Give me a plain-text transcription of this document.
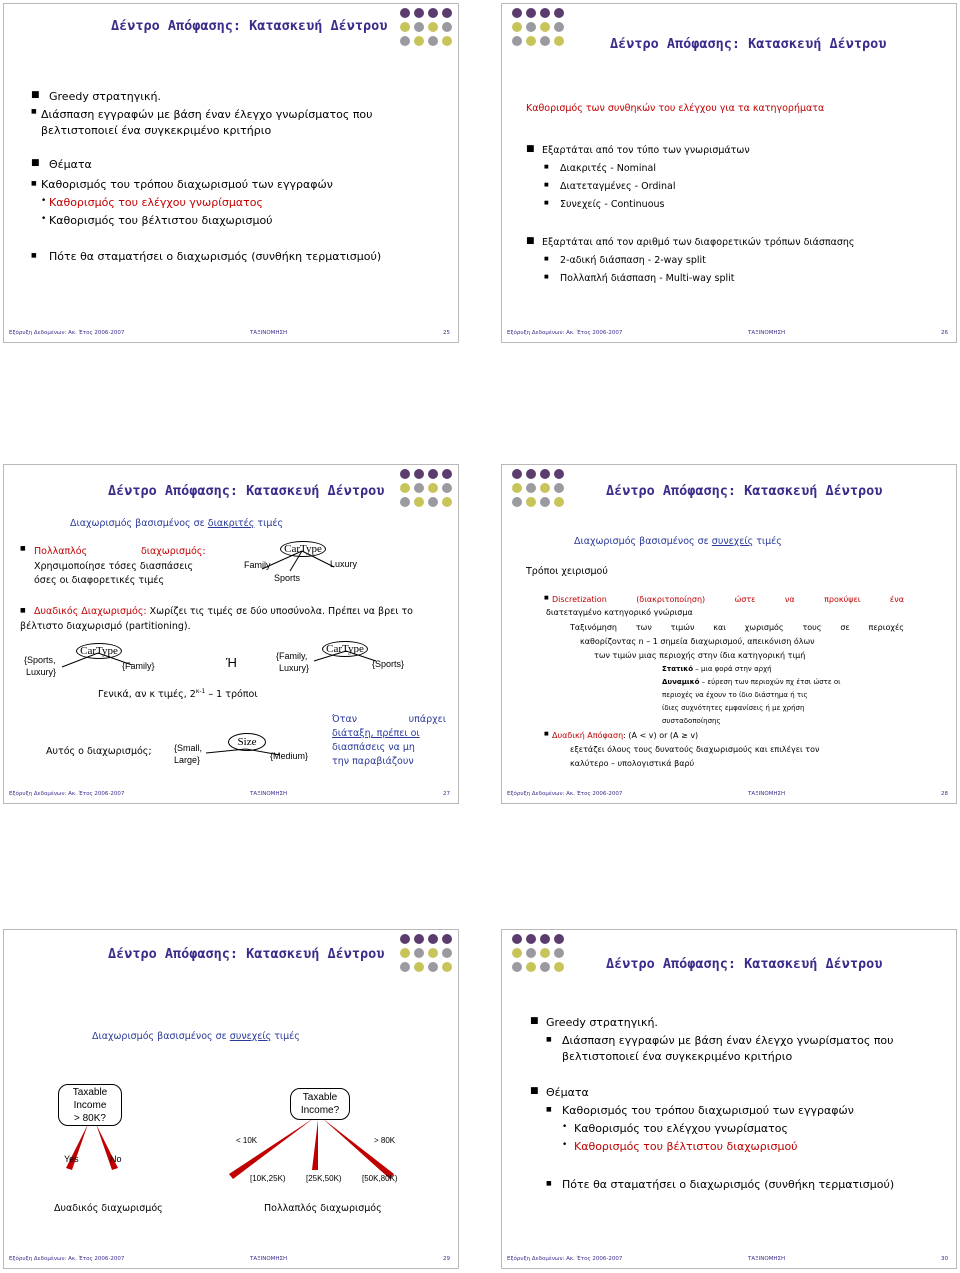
Δέντρο Απόφασης: Κατασκευή Δέντρου
■ Greedy στρατηγική.
■ Διάσπαση εγγραφών με βάση έναν έλεγχο γνωρίσματος που
βελτιστοποιεί ένα συγκεκριμένο κριτήριο
■ Θέματα
■ Καθορισμός του τρόπου διαχωρισμού των εγγραφών
• Καθορισμός του ελέγχου γνωρίσματος
• Καθορισμός του βέλτιστου διαχωρισμού
■ Πότε θα σταματήσει ο διαχωρισμός (συνθήκη τερματισμού)
Εξόρυξη Δεδομένων: Ακ. Έτος 2006-2007	ΤΑΞΙΝΟΜΗΣΗ	25
Δέντρο Απόφασης: Κατασκευή Δέντρου
Καθορισμός των συνθηκών του ελέγχου για τα κατηγορήματα
■ Εξαρτάται από τον τύπο των γνωρισμάτων
■ Διακριτές - Nominal
■ Διατεταγμένες - Ordinal
■ Συνεχείς - Continuous
■ Εξαρτάται από τον αριθμό των διαφορετικών τρόπων διάσπασης
■ 2-αδική διάσπαση - 2-way split
■ Πολλαπλή διάσπαση - Multi-way split
Εξόρυξη Δεδομένων: Ακ. Έτος 2006-2007	ΤΑΞΙΝΟΜΗΣΗ	26
Δέντρο Απόφασης: Κατασκευή Δέντρου
Διαχωρισμός βασισμένος σε διακριτές τιμές
■ Πολλαπλός	διαχωρισμός:
Χρησιμοποίησε τόσες διασπάσεις
όσες οι διαφορετικές τιμές
CarType
Family	Luxury
Sports
■ Δυαδικός Διαχωρισμός: Χωρίζει τις τιμές σε δύο υποσύνολα. Πρέπει να βρει το
βέλτιστο διαχωρισμό (partitioning).
CarType
{Sports,
Luxury}
{Family}	Ή
CarType
{Family,
Luxury}	{Sports}
Γενικά, αν κ τιμές, $2^{\kappa-1} - 1$ τρόποι
Αυτός ο διαχωρισμός;
Size
{Small,
Large}	{Medium}
Όταν υπάρχει
διάταξη, πρέπει οι
διασπάσεις να μη
την παραβιάζουν
Εξόρυξη Δεδομένων: Ακ. Έτος 2006-2007	ΤΑΞΙΝΟΜΗΣΗ	27
Δέντρο Απόφασης: Κατασκευή Δέντρου
Διαχωρισμός βασισμένος σε συνεχείς τιμές
Τρόποι χειρισμού
■ Discretization (διακριτοποίηση) ώστε να προκύψει ένα
διατεταγμένο κατηγορικό γνώρισμα
Ταξινόμηση των τιμών και χωρισμός τους σε περιοχές
καθορίζοντας n – 1 σημεία διαχωρισμού, απεικόνιση όλων
των τιμών μιας περιοχής στην ίδια κατηγορική τιμή
Στατικό – μια φορά στην αρχή
Δυναμικό – εύρεση των περιοχών πχ έτσι ώστε οι
περιοχές να έχουν το ίδιο διάστημα ή τις
ίδιες συχνότητες εμφανίσεις ή με χρήση
συσταδοποίησης
■ Δυαδική Απόφαση: (A < v) or (A ≥ v)
εξετάζει όλους τους δυνατούς διαχωρισμούς και επιλέγει τον
καλύτερο – υπολογιστικά βαρύ
Εξόρυξη Δεδομένων: Ακ. Έτος 2006-2007	ΤΑΞΙΝΟΜΗΣΗ	28
Δέντρο Απόφασης: Κατασκευή Δέντρου
Διαχωρισμός βασισμένος σε συνεχείς τιμές
Taxable
Income
> 80K?
Yes	No
Taxable
Income?
< 10K	> 80K
[10K,25K)	[25K,50K)	[50K,80K)
Δυαδικός διαχωρισμός	Πολλαπλός διαχωρισμός
Εξόρυξη Δεδομένων: Ακ. Έτος 2006-2007	ΤΑΞΙΝΟΜΗΣΗ	29
Δέντρο Απόφασης: Κατασκευή Δέντρου
■ Greedy στρατηγική.
■ Διάσπαση εγγραφών με βάση έναν έλεγχο γνωρίσματος που
βελτιστοποιεί ένα συγκεκριμένο κριτήριο
■ Θέματα
■ Καθορισμός του τρόπου διαχωρισμού των εγγραφών
• Καθορισμός του ελέγχου γνωρίσματος
• Καθορισμός του βέλτιστου διαχωρισμού
■ Πότε θα σταματήσει ο διαχωρισμός (συνθήκη τερματισμού)
Εξόρυξη Δεδομένων: Ακ. Έτος 2006-2007	ΤΑΞΙΝΟΜΗΣΗ	30
